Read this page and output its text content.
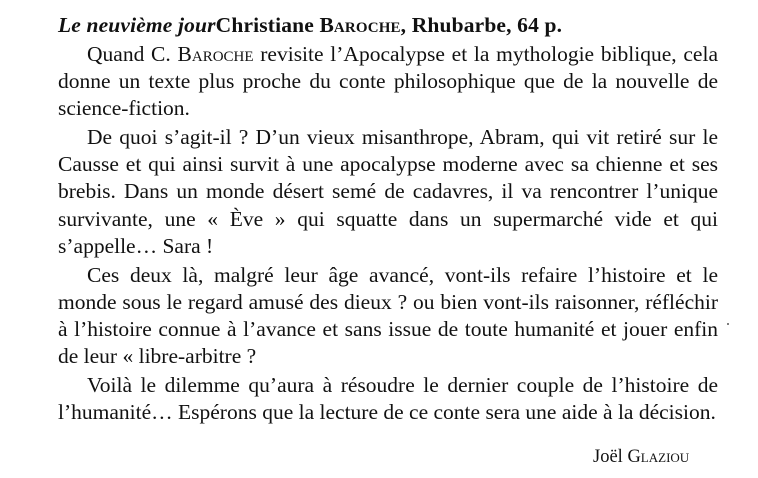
Le neuvième jourChristiane Baroche, Rhubarbe, 64 p.

Quand C. Baroche revisite l’Apocalypse et la mythologie biblique, cela donne un texte plus proche du conte philosophique que de la nouvelle de science-fiction.

De quoi s’agit-il ? D’un vieux misanthrope, Abram, qui vit retiré sur le Causse et qui ainsi survit à une apocalypse moderne avec sa chienne et ses brebis. Dans un monde désert semé de cadavres, il va rencontrer l’unique survivante, une « Ève » qui squatte dans un supermarché vide et qui s’appelle… Sara !

Ces deux là, malgré leur âge avancé, vont-ils refaire l’histoire et le monde sous le regard amusé des dieux ? ou bien vont-ils raisonner, réfléchir à l’histoire connue à l’avance et sans issue de toute humanité et jouer enfin de leur « libre-arbitre ?

Voilà le dilemme qu’aura à résoudre le dernier couple de l’histoire de l’humanité… Espérons que la lecture de ce conte sera une aide à la décision.

Joël Glaziou
